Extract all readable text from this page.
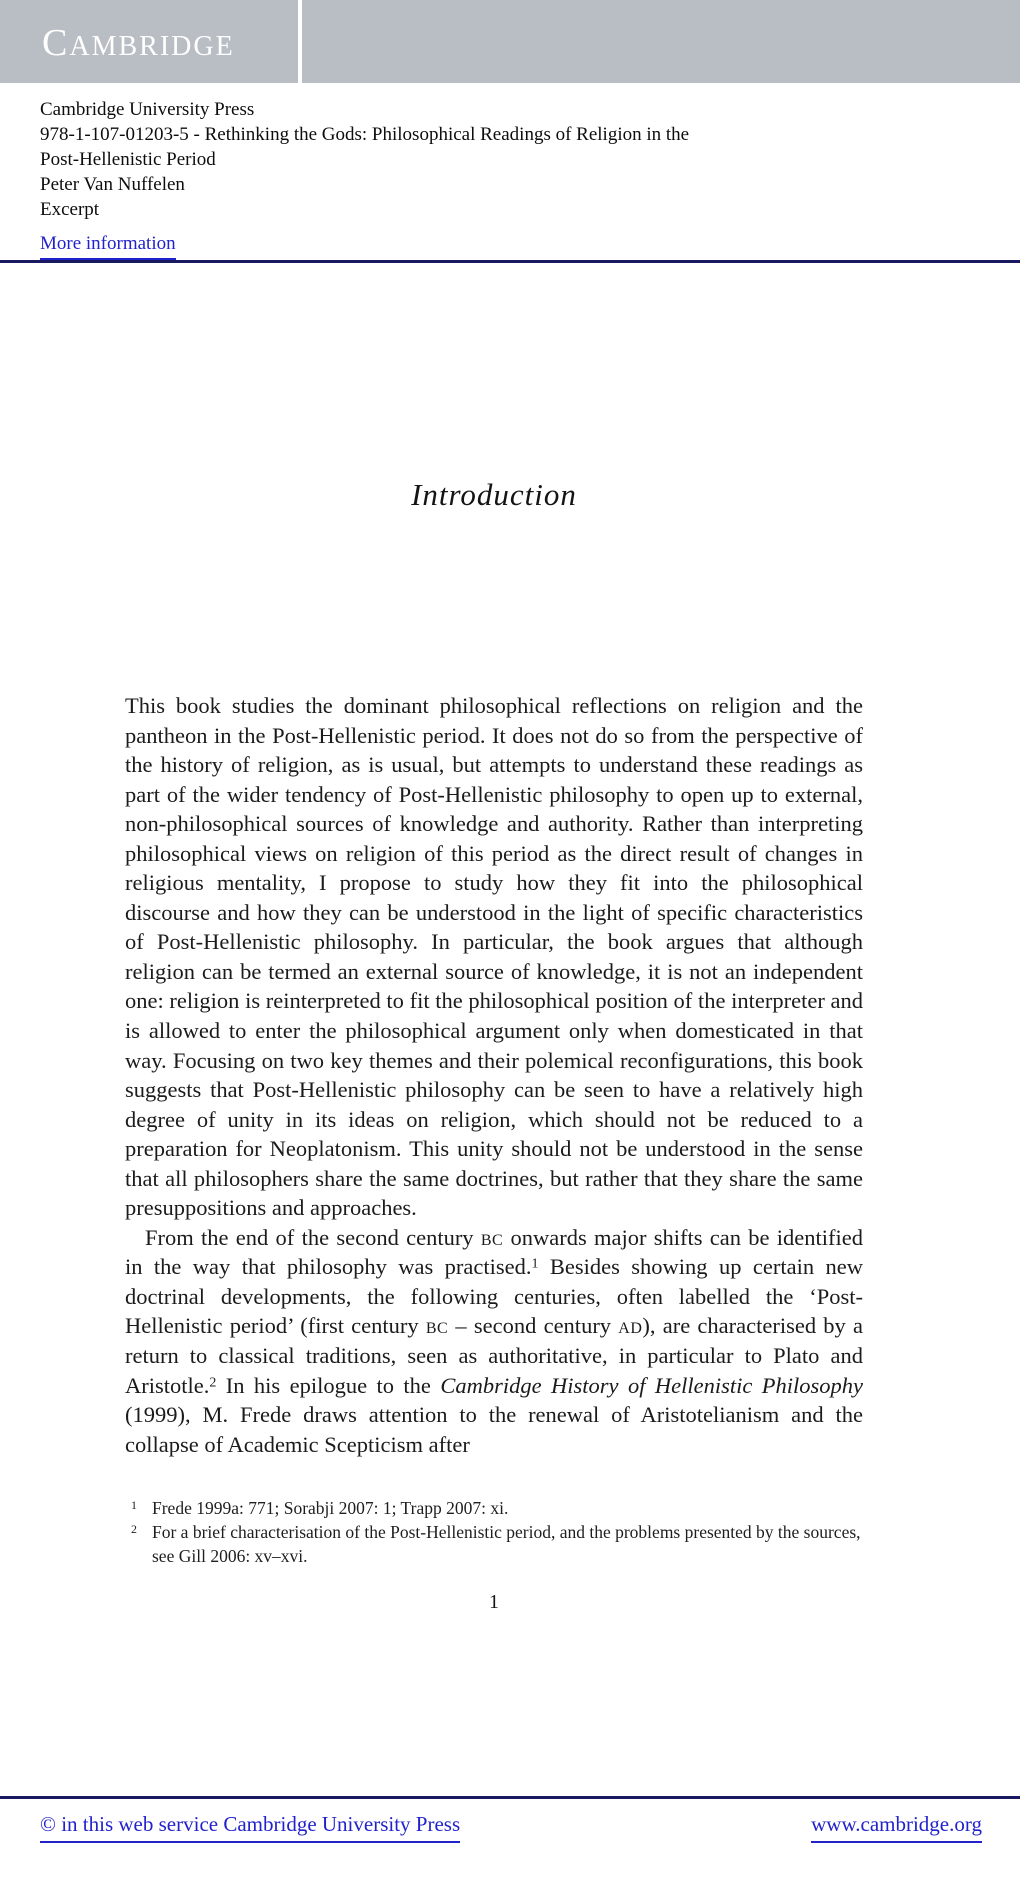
CAMBRIDGE
Cambridge University Press
978-1-107-01203-5 - Rethinking the Gods: Philosophical Readings of Religion in the
Post-Hellenistic Period
Peter Van Nuffelen
Excerpt
More information
Introduction

This book studies the dominant philosophical reflections on religion and the pantheon in the Post-Hellenistic period. It does not do so from the perspective of the history of religion, as is usual, but attempts to understand these readings as part of the wider tendency of Post-Hellenistic philosophy to open up to external, non-philosophical sources of knowledge and authority. Rather than interpreting philosophical views on religion of this period as the direct result of changes in religious mentality, I propose to study how they fit into the philosophical discourse and how they can be understood in the light of specific characteristics of Post-Hellenistic philosophy. In particular, the book argues that although religion can be termed an external source of knowledge, it is not an independent one: religion is reinterpreted to fit the philosophical position of the interpreter and is allowed to enter the philosophical argument only when domesticated in that way. Focusing on two key themes and their polemical reconfigurations, this book suggests that Post-Hellenistic philosophy can be seen to have a relatively high degree of unity in its ideas on religion, which should not be reduced to a preparation for Neoplatonism. This unity should not be understood in the sense that all philosophers share the same doctrines, but rather that they share the same presuppositions and approaches.

From the end of the second century bc onwards major shifts can be identified in the way that philosophy was practised.$^1$ Besides showing up certain new doctrinal developments, the following centuries, often labelled the ‘Post-Hellenistic period’ (first century bc – second century ad), are characterised by a return to classical traditions, seen as authoritative, in particular to Plato and Aristotle.$^2$ In his epilogue to the Cambridge History of Hellenistic Philosophy (1999), M. Frede draws attention to the renewal of Aristotelianism and the collapse of Academic Scepticism after

1 Frede 1999a: 771; Sorabji 2007: 1; Trapp 2007: xi.
2 For a brief characterisation of the Post-Hellenistic period, and the problems presented by the sources, see Gill 2006: xv–xvi.
1
© in this web service Cambridge University Press	www.cambridge.org
